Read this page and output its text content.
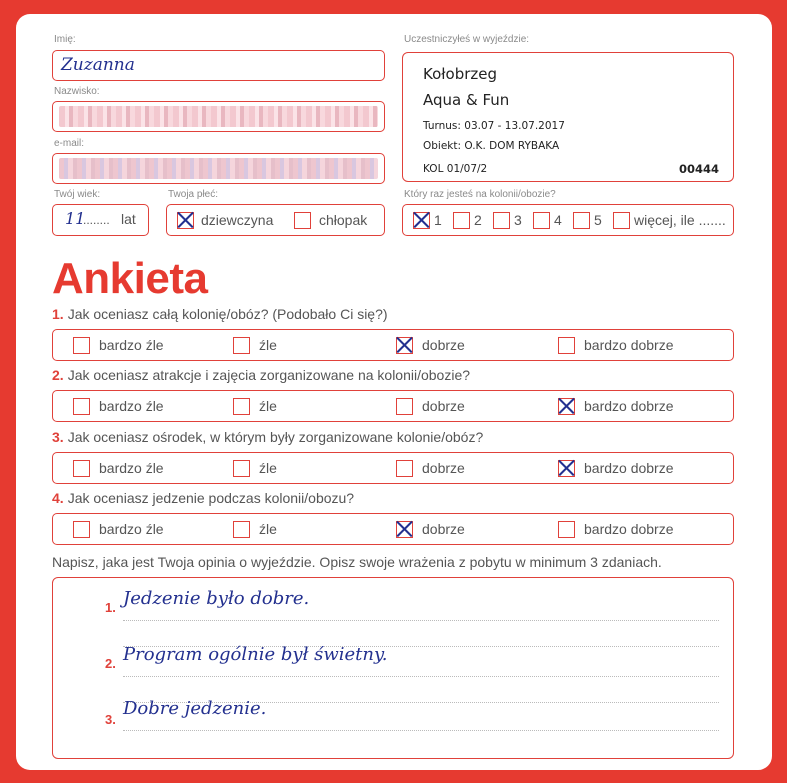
Imię:
Zuzanna
Nazwisko:
e-mail:
Twój wiek:
11
........ lat
Twoja płeć:
dziewczyna	chłopak
Uczestniczyłeś w wyjeździe:
Kołobrzeg
Aqua & Fun
Turnus: 03.07 - 13.07.2017
Obiekt: O.K. DOM RYBAKA
KOL 01/07/2	00444
Który raz jesteś na kolonii/obozie?
1 2 3 4 5 więcej, ile .......
Ankieta
1. Jak oceniasz całą kolonię/obóz? (Podobało Ci się?)
bardzo źle	źle	dobrze	bardzo dobrze
2. Jak oceniasz atrakcje i zajęcia zorganizowane na kolonii/obozie?
bardzo źle	źle	dobrze	bardzo dobrze
3. Jak oceniasz ośrodek, w którym były zorganizowane kolonie/obóz?
bardzo źle	źle	dobrze	bardzo dobrze
4. Jak oceniasz jedzenie podczas kolonii/obozu?
bardzo źle	źle	dobrze	bardzo dobrze
Napisz, jaka jest Twoja opinia o wyjeździe. Opisz swoje wrażenia z pobytu w minimum 3 zdaniach.
1. Jedzenie było dobre.
2. Program ogólnie był świetny.
3.
Dobre jedzenie.
